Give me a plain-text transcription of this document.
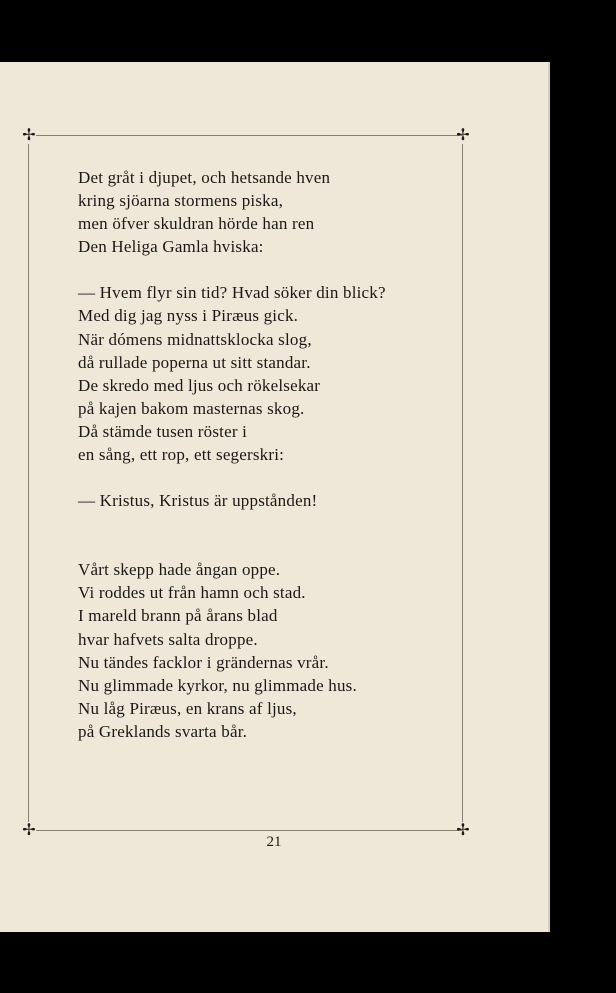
✢	✢
✢	✢
Det gråt i djupet, och hetsande hven
kring sjöarna stormens piska,
men öfver skuldran hörde han ren
Den Heliga Gamla hviska:
— Hvem flyr sin tid? Hvad söker din blick?
Med dig jag nyss i Piræus gick.
När dómens midnattsklocka slog,
då rullade poperna ut sitt standar.
De skredo med ljus och rökelsekar
på kajen bakom masternas skog.
Då stämde tusen röster i
en sång, ett rop, ett segerskri:
— Kristus, Kristus är uppstånden!
Vårt skepp hade ångan oppe.
Vi roddes ut från hamn och stad.
I mareld brann på årans blad
hvar hafvets salta droppe.
Nu tändes facklor i grändernas vrår.
Nu glimmade kyrkor, nu glimmade hus.
Nu låg Piræus, en krans af ljus,
på Greklands svarta bår.
21
